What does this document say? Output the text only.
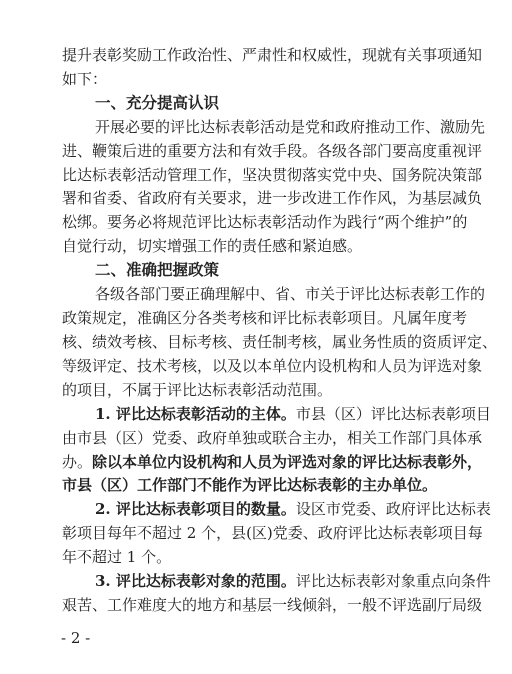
提升表彰奖励工作政治性、严肃性和权威性，现就有关事项通知
如下：
一、充分提高认识
开展必要的评比达标表彰活动是党和政府推动工作、激励先
进、鞭策后进的重要方法和有效手段。各级各部门要高度重视评
比达标表彰活动管理工作，坚决贯彻落实党中央、国务院决策部
署和省委、省政府有关要求，进一步改进工作作风，为基层减负
松绑。要务必将规范评比达标表彰活动作为践行“两个维护”的
自觉行动，切实增强工作的责任感和紧迫感。
二、准确把握政策
各级各部门要正确理解中、省、市关于评比达标表彰工作的
政策规定，准确区分各类考核和评比标表彰项目。凡属年度考
核、绩效考核、目标考核、责任制考核，属业务性质的资质评定、
等级评定、技术考核，以及以本单位内设机构和人员为评选对象
的项目，不属于评比达标表彰活动范围。
1. 评比达标表彰活动的主体。市县（区）评比达标表彰项目
由市县（区）党委、政府单独或联合主办，相关工作部门具体承
办。除以本单位内设机构和人员为评选对象的评比达标表彰外，
市县（区）工作部门不能作为评比达标表彰的主办单位。
2. 评比达标表彰项目的数量。设区市党委、政府评比达标表
彰项目每年不超过 2 个，县(区)党委、政府评比达标表彰项目每
年不超过 1 个。
3. 评比达标表彰对象的范围。评比达标表彰对象重点向条件
艰苦、工作难度大的地方和基层一线倾斜，一般不评选副厅局级
- 2 -
